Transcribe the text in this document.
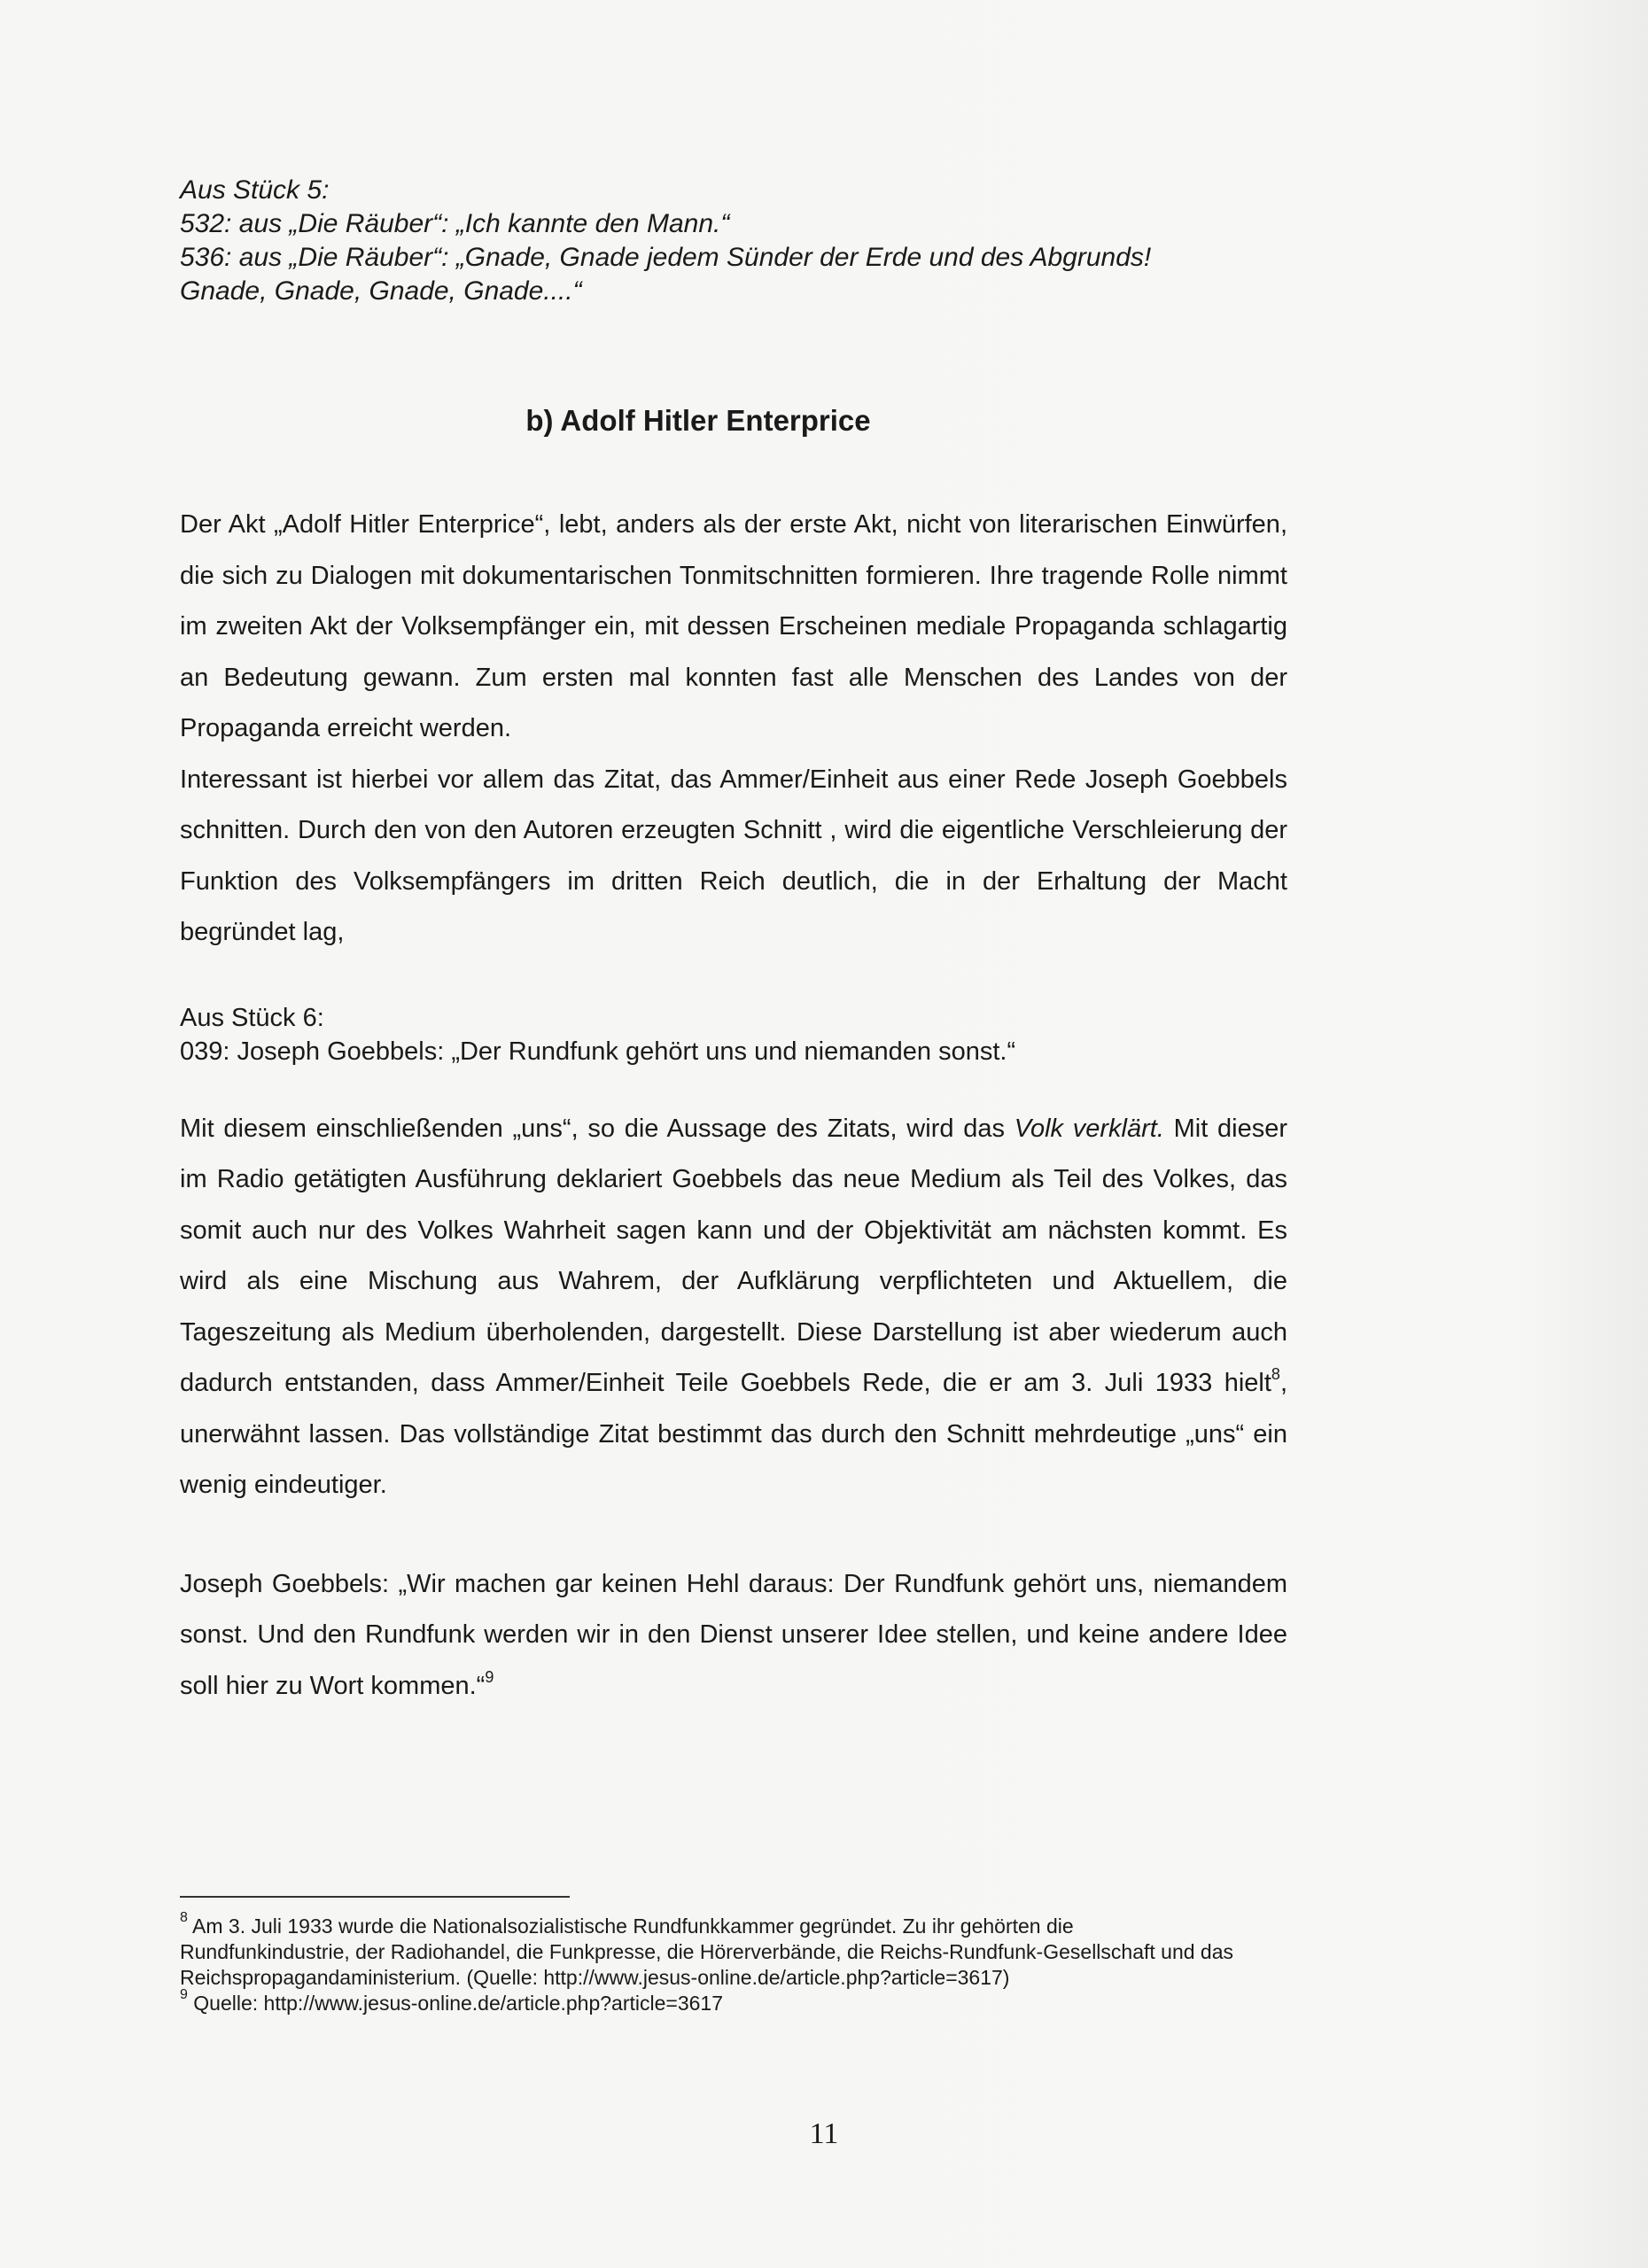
Aus Stück 5:
532: aus „Die Räuber“: „Ich kannte den Mann.“
536: aus „Die Räuber“: „Gnade, Gnade jedem Sünder der Erde und des Abgrunds!
Gnade, Gnade, Gnade, Gnade....“
b) Adolf Hitler Enterprice

Der Akt „Adolf Hitler Enterprice“, lebt, anders als der erste Akt, nicht von literarischen Einwürfen, die sich zu Dialogen mit dokumentarischen Tonmitschnitten formieren. Ihre tragende Rolle nimmt im zweiten Akt der Volksempfänger ein, mit dessen Erscheinen mediale Propaganda schlagartig an Bedeutung gewann. Zum ersten mal konnten fast alle Menschen des Landes von der Propaganda erreicht werden.

Interessant ist hierbei vor allem das Zitat, das Ammer/Einheit aus einer Rede Joseph Goebbels schnitten. Durch den von den Autoren erzeugten Schnitt , wird die eigentliche Verschleierung der Funktion des Volksempfängers im dritten Reich deutlich, die in der Erhaltung der Macht begründet lag,

Aus Stück 6:
039: Joseph Goebbels: „Der Rundfunk gehört uns und niemanden sonst.“

Mit diesem einschließenden „uns“, so die Aussage des Zitats, wird das Volk verklärt. Mit dieser im Radio getätigten Ausführung deklariert Goebbels das neue Medium als Teil des Volkes, das somit auch nur des Volkes Wahrheit sagen kann und der Objektivität am nächsten kommt. Es wird als eine Mischung aus Wahrem, der Aufklärung verpflichteten und Aktuellem, die Tageszeitung als Medium überholenden, dargestellt. Diese Darstellung ist aber wiederum auch dadurch entstanden, dass Ammer/Einheit Teile Goebbels Rede, die er am 3. Juli 1933 hielt$^8$, unerwähnt lassen. Das vollständige Zitat bestimmt das durch den Schnitt mehrdeutige „uns“ ein wenig eindeutiger.

Joseph Goebbels: „Wir machen gar keinen Hehl daraus: Der Rundfunk gehört uns, niemandem sonst. Und den Rundfunk werden wir in den Dienst unserer Idee stellen, und keine andere Idee soll hier zu Wort kommen.“$^9$

$^8$ Am 3. Juli 1933 wurde die Nationalsozialistische Rundfunkkammer gegründet. Zu ihr gehörten die Rundfunkindustrie, der Radiohandel, die Funkpresse, die Hörerverbände, die Reichs-Rundfunk-Gesellschaft und das Reichspropagandaministerium. (Quelle: http://www.jesus-online.de/article.php?article=3617)

$^9$ Quelle: http://www.jesus-online.de/article.php?article=3617

11
